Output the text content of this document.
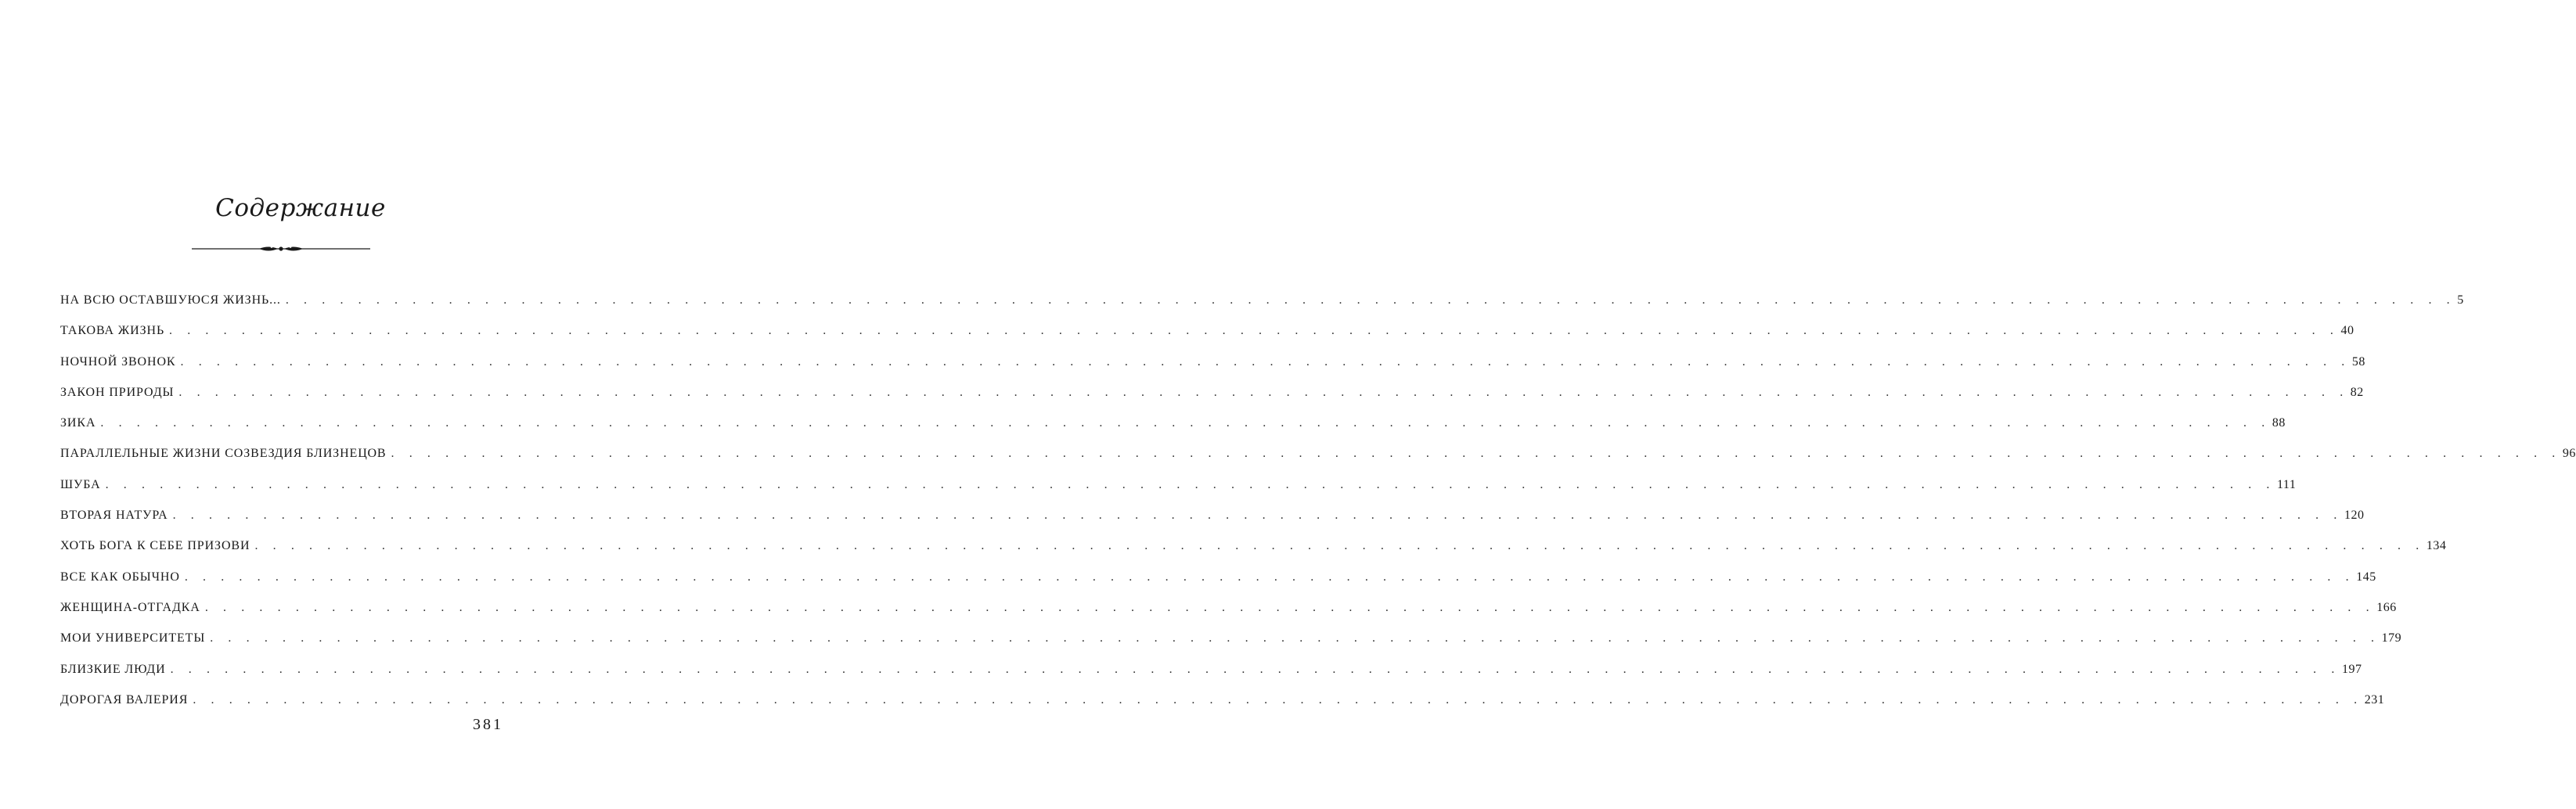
Содержание
НА ВСЮ ОСТАВШУЮСЯ ЖИЗНЬ... . . . . . . . . . . . . . . . . . . . . . . . . . . . . . . . . . . . . . . . . . . . . . . . . . . . . . . . . . . . . . . . . . . . . . . . . . . . . . . . . . . . . . . . . . . . . . . . . . . . . . . . . . . . . . . . . . . . . . . . . 5
ТАКОВА ЖИЗНЬ . . . . . . . . . . . . . . . . . . . . . . . . . . . . . . . . . . . . . . . . . . . . . . . . . . . . . . . . . . . . . . . . . . . . . . . . . . . . . . . . . . . . . . . . . . . . . . . . . . . . . . . . . . . . . . . . . . . . . . . . 40
НОЧНОЙ ЗВОНОК . . . . . . . . . . . . . . . . . . . . . . . . . . . . . . . . . . . . . . . . . . . . . . . . . . . . . . . . . . . . . . . . . . . . . . . . . . . . . . . . . . . . . . . . . . . . . . . . . . . . . . . . . . . . . . . . . . . . . . . . 58
ЗАКОН ПРИРОДЫ . . . . . . . . . . . . . . . . . . . . . . . . . . . . . . . . . . . . . . . . . . . . . . . . . . . . . . . . . . . . . . . . . . . . . . . . . . . . . . . . . . . . . . . . . . . . . . . . . . . . . . . . . . . . . . . . . . . . . . . . 82
ЗИКА . . . . . . . . . . . . . . . . . . . . . . . . . . . . . . . . . . . . . . . . . . . . . . . . . . . . . . . . . . . . . . . . . . . . . . . . . . . . . . . . . . . . . . . . . . . . . . . . . . . . . . . . . . . . . . . . . . . . . . . . 88
ПАРАЛЛЕЛЬНЫЕ ЖИЗНИ СОЗВЕЗДИЯ БЛИЗНЕЦОВ . . . . . . . . . . . . . . . . . . . . . . . . . . . . . . . . . . . . . . . . . . . . . . . . . . . . . . . . . . . . . . . . . . . . . . . . . . . . . . . . . . . . . . . . . . . . . . . . . . . . . . . . . . . . . . . . . . . . . . . . 96
ШУБА . . . . . . . . . . . . . . . . . . . . . . . . . . . . . . . . . . . . . . . . . . . . . . . . . . . . . . . . . . . . . . . . . . . . . . . . . . . . . . . . . . . . . . . . . . . . . . . . . . . . . . . . . . . . . . . . . . . . . . . . 111
ВТОРАЯ НАТУРА . . . . . . . . . . . . . . . . . . . . . . . . . . . . . . . . . . . . . . . . . . . . . . . . . . . . . . . . . . . . . . . . . . . . . . . . . . . . . . . . . . . . . . . . . . . . . . . . . . . . . . . . . . . . . . . . . . . . . . . . 120
ХОТЬ БОГА К СЕБЕ ПРИЗОВИ . . . . . . . . . . . . . . . . . . . . . . . . . . . . . . . . . . . . . . . . . . . . . . . . . . . . . . . . . . . . . . . . . . . . . . . . . . . . . . . . . . . . . . . . . . . . . . . . . . . . . . . . . . . . . . . . . . . . . . . . 134
ВСЕ КАК ОБЫЧНО . . . . . . . . . . . . . . . . . . . . . . . . . . . . . . . . . . . . . . . . . . . . . . . . . . . . . . . . . . . . . . . . . . . . . . . . . . . . . . . . . . . . . . . . . . . . . . . . . . . . . . . . . . . . . . . . . . . . . . . . 145
ЖЕНЩИНА-ОТГАДКА . . . . . . . . . . . . . . . . . . . . . . . . . . . . . . . . . . . . . . . . . . . . . . . . . . . . . . . . . . . . . . . . . . . . . . . . . . . . . . . . . . . . . . . . . . . . . . . . . . . . . . . . . . . . . . . . . . . . . . . . 166
МОИ УНИВЕРСИТЕТЫ . . . . . . . . . . . . . . . . . . . . . . . . . . . . . . . . . . . . . . . . . . . . . . . . . . . . . . . . . . . . . . . . . . . . . . . . . . . . . . . . . . . . . . . . . . . . . . . . . . . . . . . . . . . . . . . . . . . . . . . . 179
БЛИЗКИЕ ЛЮДИ . . . . . . . . . . . . . . . . . . . . . . . . . . . . . . . . . . . . . . . . . . . . . . . . . . . . . . . . . . . . . . . . . . . . . . . . . . . . . . . . . . . . . . . . . . . . . . . . . . . . . . . . . . . . . . . . . . . . . . . . 197
ДОРОГАЯ ВАЛЕРИЯ . . . . . . . . . . . . . . . . . . . . . . . . . . . . . . . . . . . . . . . . . . . . . . . . . . . . . . . . . . . . . . . . . . . . . . . . . . . . . . . . . . . . . . . . . . . . . . . . . . . . . . . . . . . . . . . . . . . . . . . . 231
381
